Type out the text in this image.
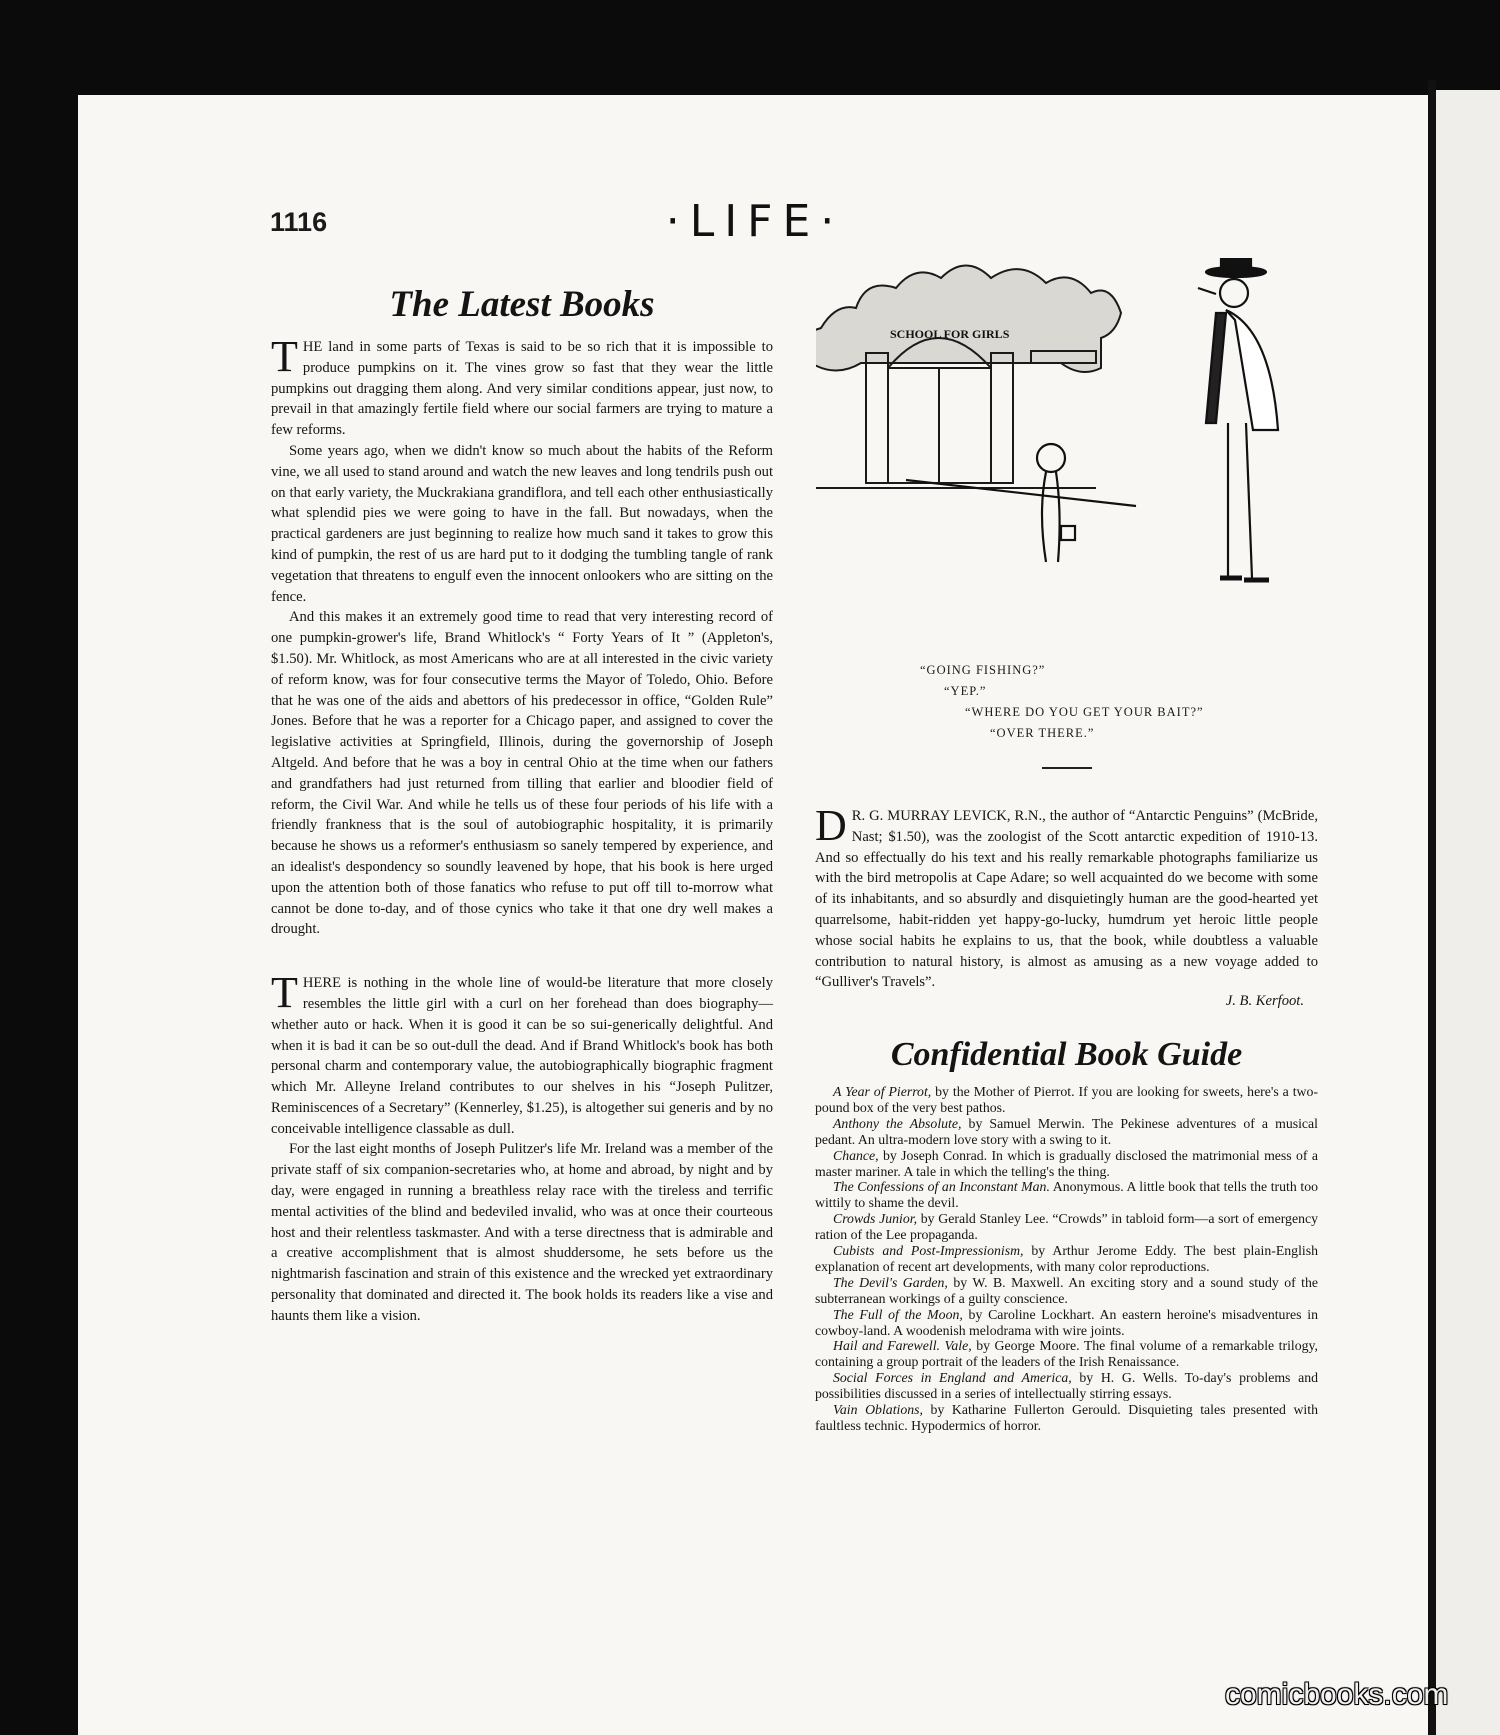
1116	·LIFE·
The Latest Books

THE land in some parts of Texas is said to be so rich that it is impossible to produce pumpkins on it. The vines grow so fast that they wear the little pumpkins out dragging them along. And very similar conditions appear, just now, to prevail in that amazingly fertile field where our social farmers are trying to mature a few reforms.

Some years ago, when we didn't know so much about the habits of the Reform vine, we all used to stand around and watch the new leaves and long tendrils push out on that early variety, the Muckrakiana grandiflora, and tell each other enthusiastically what splendid pies we were going to have in the fall. But nowadays, when the practical gardeners are just beginning to realize how much sand it takes to grow this kind of pumpkin, the rest of us are hard put to it dodging the tumbling tangle of rank vegetation that threatens to engulf even the innocent onlookers who are sitting on the fence.

And this makes it an extremely good time to read that very interesting record of one pumpkin-grower's life, Brand Whitlock's “ Forty Years of It ” (Appleton's, $1.50). Mr. Whitlock, as most Americans who are at all interested in the civic variety of reform know, was for four consecutive terms the Mayor of Toledo, Ohio. Before that he was one of the aids and abettors of his predecessor in office, “Golden Rule” Jones. Before that he was a reporter for a Chicago paper, and assigned to cover the legislative activities at Springfield, Illinois, during the governorship of Joseph Altgeld. And before that he was a boy in central Ohio at the time when our fathers and grandfathers had just returned from tilling that earlier and bloodier field of reform, the Civil War. And while he tells us of these four periods of his life with a friendly frankness that is the soul of autobiographic hospitality, it is primarily because he shows us a reformer's enthusiasm so sanely tempered by experience, and an idealist's despondency so soundly leavened by hope, that his book is here urged upon the attention both of those fanatics who refuse to put off till to-morrow what cannot be done to-day, and of those cynics who take it that one dry well makes a drought.

THERE is nothing in the whole line of would-be literature that more closely resembles the little girl with a curl on her forehead than does biography—whether auto or hack. When it is good it can be so sui-generically delightful. And when it is bad it can be so out-dull the dead. And if Brand Whitlock's book has both personal charm and contemporary value, the autobiographically biographic fragment which Mr. Alleyne Ireland contributes to our shelves in his “Joseph Pulitzer, Reminiscences of a Secretary” (Kennerley, $1.25), is altogether sui generis and by no conceivable intelligence classable as dull.

For the last eight months of Joseph Pulitzer's life Mr. Ireland was a member of the private staff of six companion-secretaries who, at home and abroad, by night and by day, were engaged in running a breathless relay race with the tireless and terrific mental activities of the blind and bedeviled invalid, who was at once their courteous host and their relentless taskmaster. And with a terse directness that is admirable and a creative accomplishment that is almost shuddersome, he sets before us the nightmarish fascination and strain of this existence and the wrecked yet extraordinary personality that dominated and directed it. The book holds its readers like a vise and haunts them like a vision.

SCHOOL FOR GIRLS
“GOING FISHING?”
“YEP.”
“WHERE DO YOU GET YOUR BAIT?”
“OVER THERE.”

D R. G. MURRAY LEVICK, R.N., the author of “Antarctic Penguins” (McBride, Nast; $1.50), was the zoologist of the Scott antarctic expedition of 1910-13. And so effectually do his text and his really remarkable photographs familiarize us with the bird metropolis at Cape Adare; so well acquainted do we become with some of its inhabitants, and so absurdly and disquietingly human are the good-hearted yet quarrelsome, habit-ridden yet happy-go-lucky, humdrum yet heroic little people whose social habits he explains to us, that the book, while doubtless a valuable contribution to natural history, is almost as amusing as a new voyage added to “Gulliver's Travels”.

J. B. Kerfoot.
Confidential Book Guide

A Year of Pierrot, by the Mother of Pierrot. If you are looking for sweets, here's a two-pound box of the very best pathos.

Anthony the Absolute, by Samuel Merwin. The Pekinese adventures of a musical pedant. An ultra-modern love story with a swing to it.

Chance, by Joseph Conrad. In which is gradually disclosed the matrimonial mess of a master mariner. A tale in which the telling's the thing.

The Confessions of an Inconstant Man. Anonymous. A little book that tells the truth too wittily to shame the devil.

Crowds Junior, by Gerald Stanley Lee. “Crowds” in tabloid form—a sort of emergency ration of the Lee propaganda.

Cubists and Post-Impressionism, by Arthur Jerome Eddy. The best plain-English explanation of recent art developments, with many color reproductions.

The Devil's Garden, by W. B. Maxwell. An exciting story and a sound study of the subterranean workings of a guilty conscience.

The Full of the Moon, by Caroline Lockhart. An eastern heroine's misadventures in cowboy-land. A woodenish melodrama with wire joints.

Hail and Farewell. Vale, by George Moore. The final volume of a remarkable trilogy, containing a group portrait of the leaders of the Irish Renaissance.

Social Forces in England and America, by H. G. Wells. To-day's problems and possibilities discussed in a series of intellectually stirring essays.

Vain Oblations, by Katharine Fullerton Gerould. Disquieting tales presented with faultless technic. Hypodermics of horror.

comicbooks.com
